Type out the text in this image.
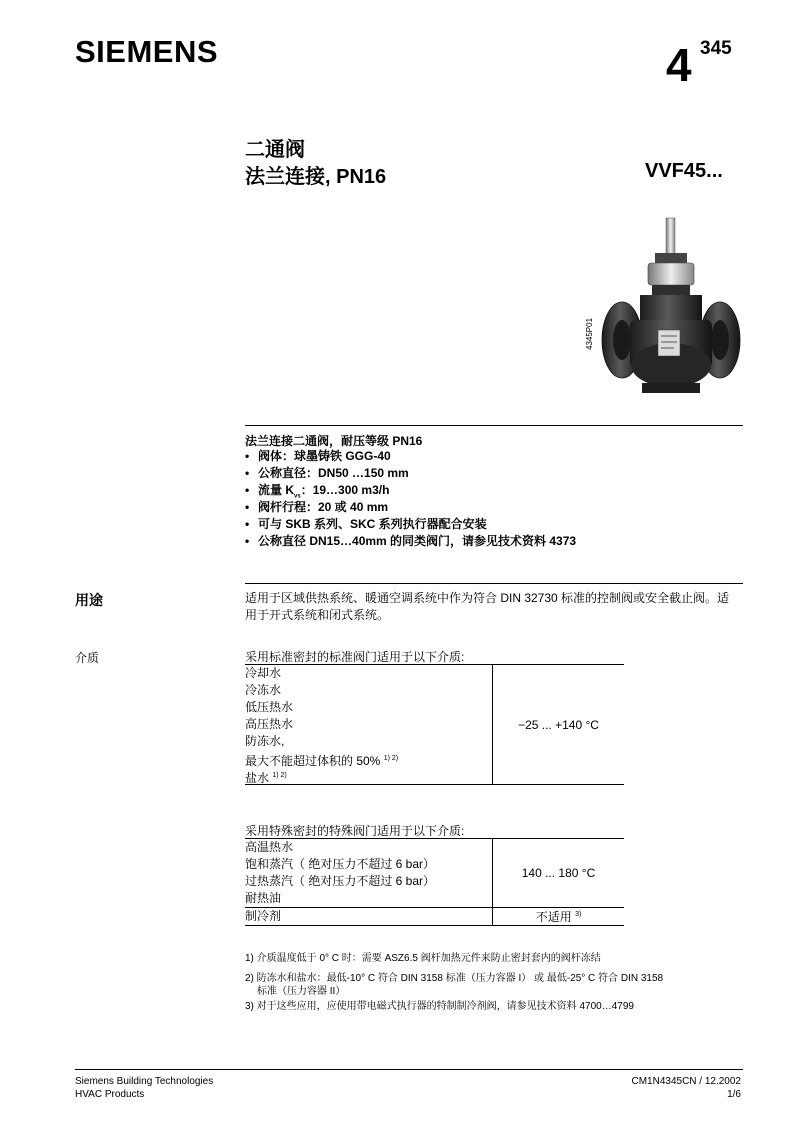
SIEMENS	4 345
二通阀
法兰连接, PN16	VVF45...
4345P01
法兰连接二通阀，耐压等级 PN16
• 阀体：球墨铸铁 GGG-40
• 公称直径：DN50 …150 mm
• 流量 $K_{vs}$：19…300 m3/h
• 阀杆行程：20 或 40 mm
• 可与 SKB 系列、SKC 系列执行器配合安装
• 公称直径 DN15…40mm 的同类阀门，请参见技术资料 4373
用途	适用于区域供热系统、暖通空调系统中作为符合 DIN 32730 标准的控制阀或安全截止阀。适用于开式系统和闭式系统。
介质	采用标准密封的标准阀门适用于以下介质:
冷却水
冷冻水
低压热水
高压热水
防冻水,
最大不能超过体积的 50% $^{1) 2)}$
盐水 $^{1) 2)}$
	−25 ... +140 °C
采用特殊密封的特殊阀门适用于以下介质:
高温热水
饱和蒸汽（ 绝对压力不超过 6 bar）
过热蒸汽（ 绝对压力不超过 6 bar）
耐热油	140 ... 180 °C

制冷剂	不适用 $^{3)}$
1) 介质温度低于 0° C 时：需要 ASZ6.5 阀杆加热元件来防止密封套内的阀杆冻结
2) 防冻水和盐水：最低-10° C 符合 DIN 3158 标准（压力容器 I） 或 最低-25° C 符合 DIN 3158
标准（压力容器 II）
3) 对于这些应用，应使用带电磁式执行器的特制制冷剂阀，请参见技术资料 4700…4799
Siemens Building Technologies
HVAC Products
CM1N4345CN / 12.2002
1/6
